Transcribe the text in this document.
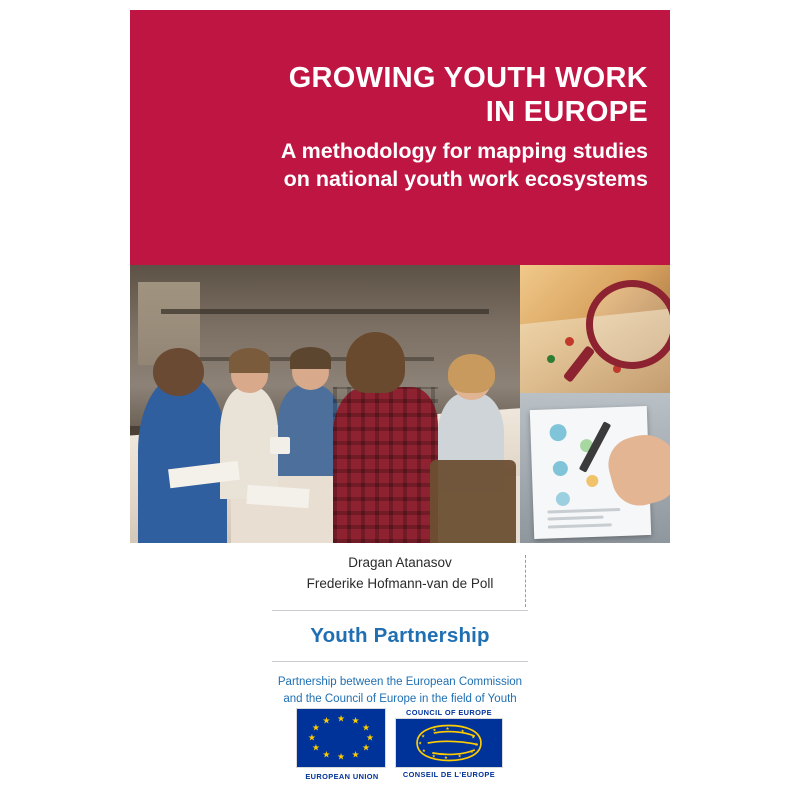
GROWING YOUTH WORK
IN EUROPE
A methodology for mapping studies
on national youth work ecosystems
Dragan Atanasov
Frederike Hofmann-van de Poll
Youth Partnership
Partnership between the European Commission
and the Council of Europe in the field of Youth
★ ★
★
★
★
★
★
★
★
★
★
★
EUROPEAN UNION
COUNCIL OF EUROPE
★ ★
★
★
★
★
★
★
★
★
★
★
CONSEIL DE L'EUROPE
